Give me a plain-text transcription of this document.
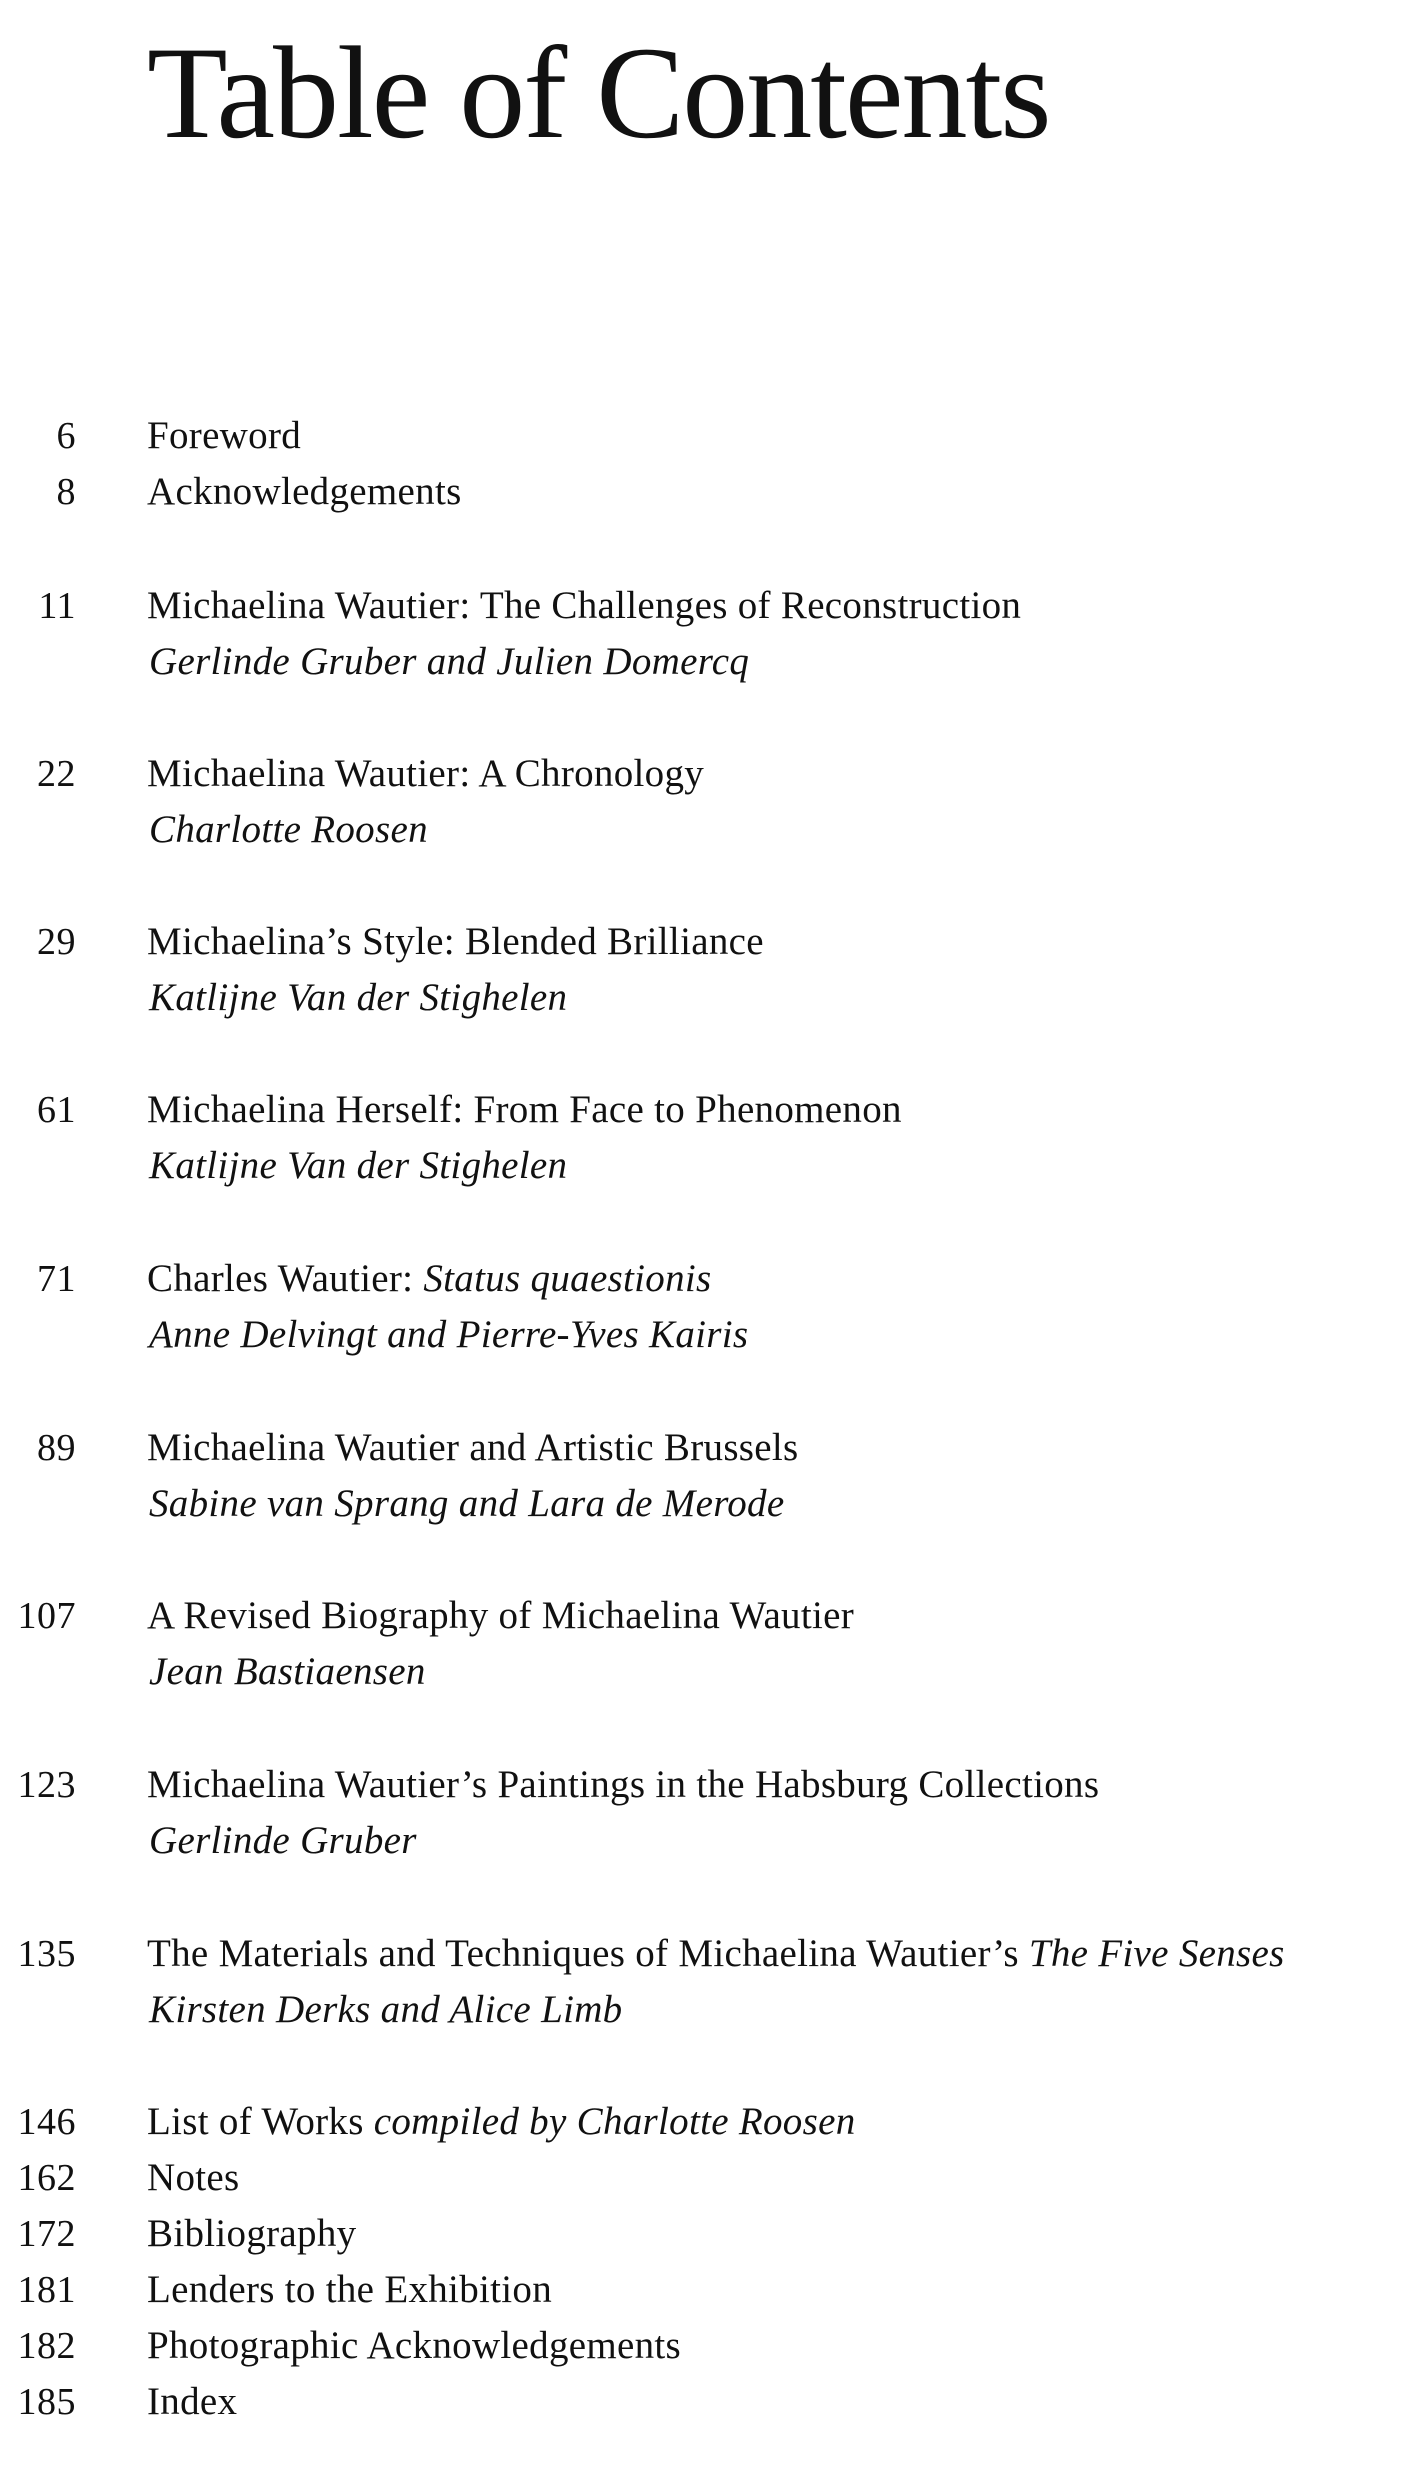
Table of Contents
6 Foreword
8 Acknowledgements
11 Michaelina Wautier: The Challenges of Reconstruction
Gerlinde Gruber and Julien Domercq
22 Michaelina Wautier: A Chronology
Charlotte Roosen
29 Michaelina’s Style: Blended Brilliance
Katlijne Van der Stighelen
61 Michaelina Herself: From Face to Phenomenon
Katlijne Van der Stighelen
71 Charles Wautier: Status quaestionis
Anne Delvingt and Pierre-Yves Kairis
89 Michaelina Wautier and Artistic Brussels
Sabine van Sprang and Lara de Merode
107 A Revised Biography of Michaelina Wautier
Jean Bastiaensen
123 Michaelina Wautier’s Paintings in the Habsburg Collections
Gerlinde Gruber
135 The Materials and Techniques of Michaelina Wautier’s The Five Senses
Kirsten Derks and Alice Limb
146 List of Works compiled by Charlotte Roosen
162 Notes
172 Bibliography
181 Lenders to the Exhibition
182 Photographic Acknowledgements
185 Index
